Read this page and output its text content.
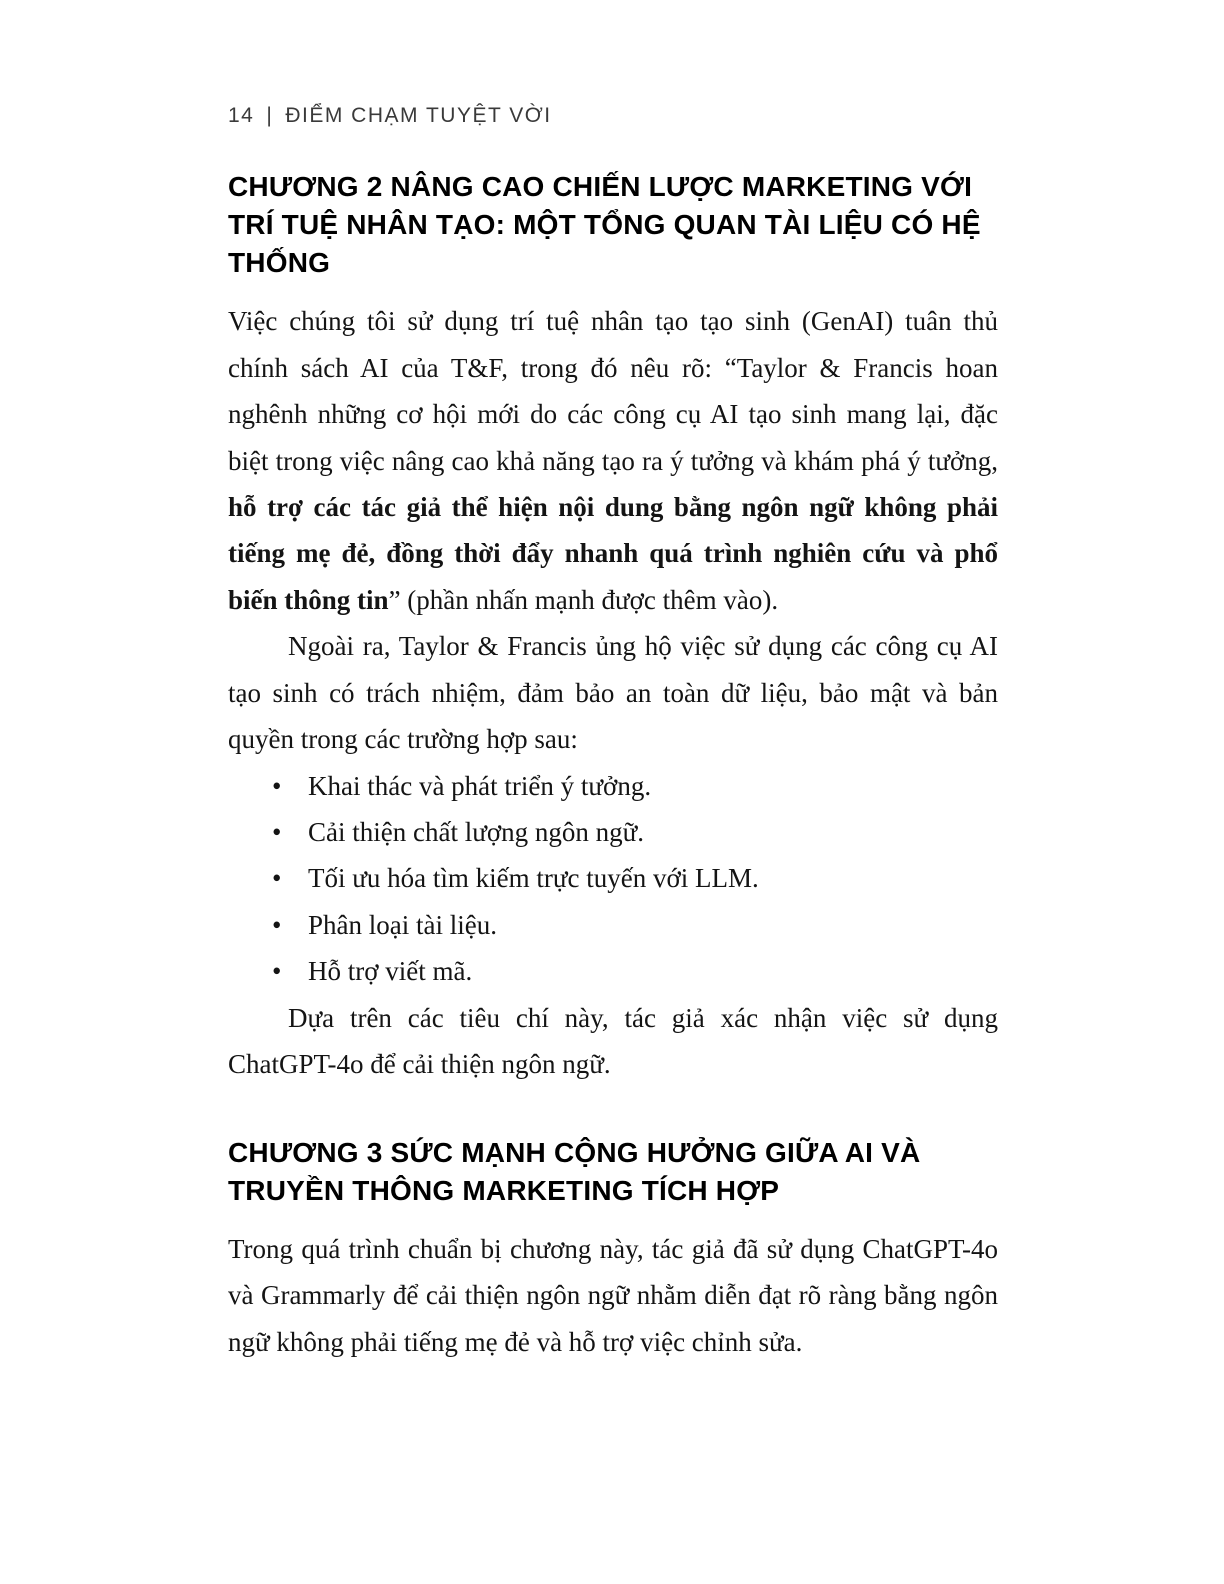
14 | ĐIỂM CHẠM TUYỆT VỜI
CHƯƠNG 2 NÂNG CAO CHIẾN LƯỢC MARKETING VỚI TRÍ TUỆ NHÂN TẠO: MỘT TỔNG QUAN TÀI LIỆU CÓ HỆ THỐNG

Việc chúng tôi sử dụng trí tuệ nhân tạo tạo sinh (GenAI) tuân thủ chính sách AI của T&F, trong đó nêu rõ: “Taylor & Francis hoan nghênh những cơ hội mới do các công cụ AI tạo sinh mang lại, đặc biệt trong việc nâng cao khả năng tạo ra ý tưởng và khám phá ý tưởng, hỗ trợ các tác giả thể hiện nội dung bằng ngôn ngữ không phải tiếng mẹ đẻ, đồng thời đẩy nhanh quá trình nghiên cứu và phổ biến thông tin” (phần nhấn mạnh được thêm vào).

Ngoài ra, Taylor & Francis ủng hộ việc sử dụng các công cụ AI tạo sinh có trách nhiệm, đảm bảo an toàn dữ liệu, bảo mật và bản quyền trong các trường hợp sau:

• Khai thác và phát triển ý tưởng.
• Cải thiện chất lượng ngôn ngữ.
• Tối ưu hóa tìm kiếm trực tuyến với LLM.
• Phân loại tài liệu.
• Hỗ trợ viết mã.

Dựa trên các tiêu chí này, tác giả xác nhận việc sử dụng ChatGPT-4o để cải thiện ngôn ngữ.

CHƯƠNG 3 SỨC MẠNH CỘNG HƯỞNG GIỮA AI VÀ TRUYỀN THÔNG MARKETING TÍCH HỢP

Trong quá trình chuẩn bị chương này, tác giả đã sử dụng ChatGPT-4o và Grammarly để cải thiện ngôn ngữ nhằm diễn đạt rõ ràng bằng ngôn ngữ không phải tiếng mẹ đẻ và hỗ trợ việc chỉnh sửa.
